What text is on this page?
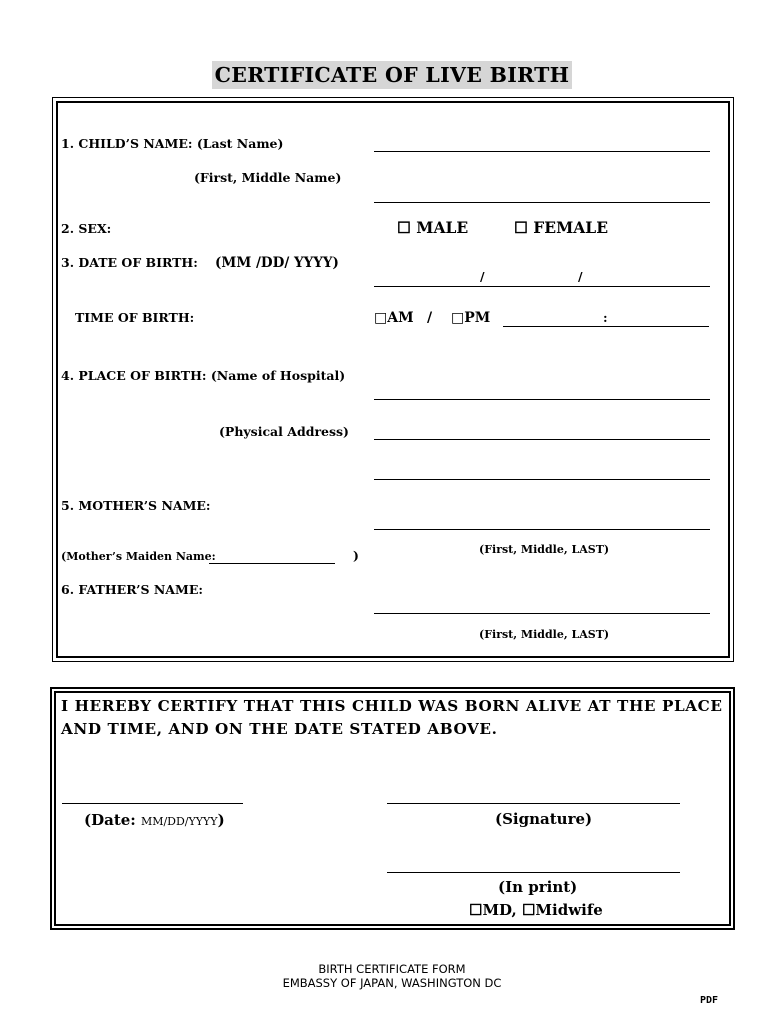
CERTIFICATE OF LIVE BIRTH
1. CHILD’S NAME: (Last Name)
(First, Middle Name)
2. SEX:	☐ MALE	☐ FEMALE
3. DATE OF BIRTH: (MM /DD/ YYYY)
/	/
TIME OF BIRTH:	□AM / □PM	:
4. PLACE OF BIRTH: (Name of Hospital)
(Physical Address)
5. MOTHER’S NAME:
(Mother’s Maiden Name:	)	(First, Middle, LAST)
6. FATHER’S NAME:
(First, Middle, LAST)
I HEREBY CERTIFY THAT THIS CHILD WAS BORN ALIVE AT THE PLACE AND TIME, AND ON THE DATE STATED ABOVE.
(Date: MM/DD/YYYY)	(Signature)
(In print)
☐MD, ☐Midwife
BIRTH CERTIFICATE FORM
EMBASSY OF JAPAN, WASHINGTON DC
PDF
